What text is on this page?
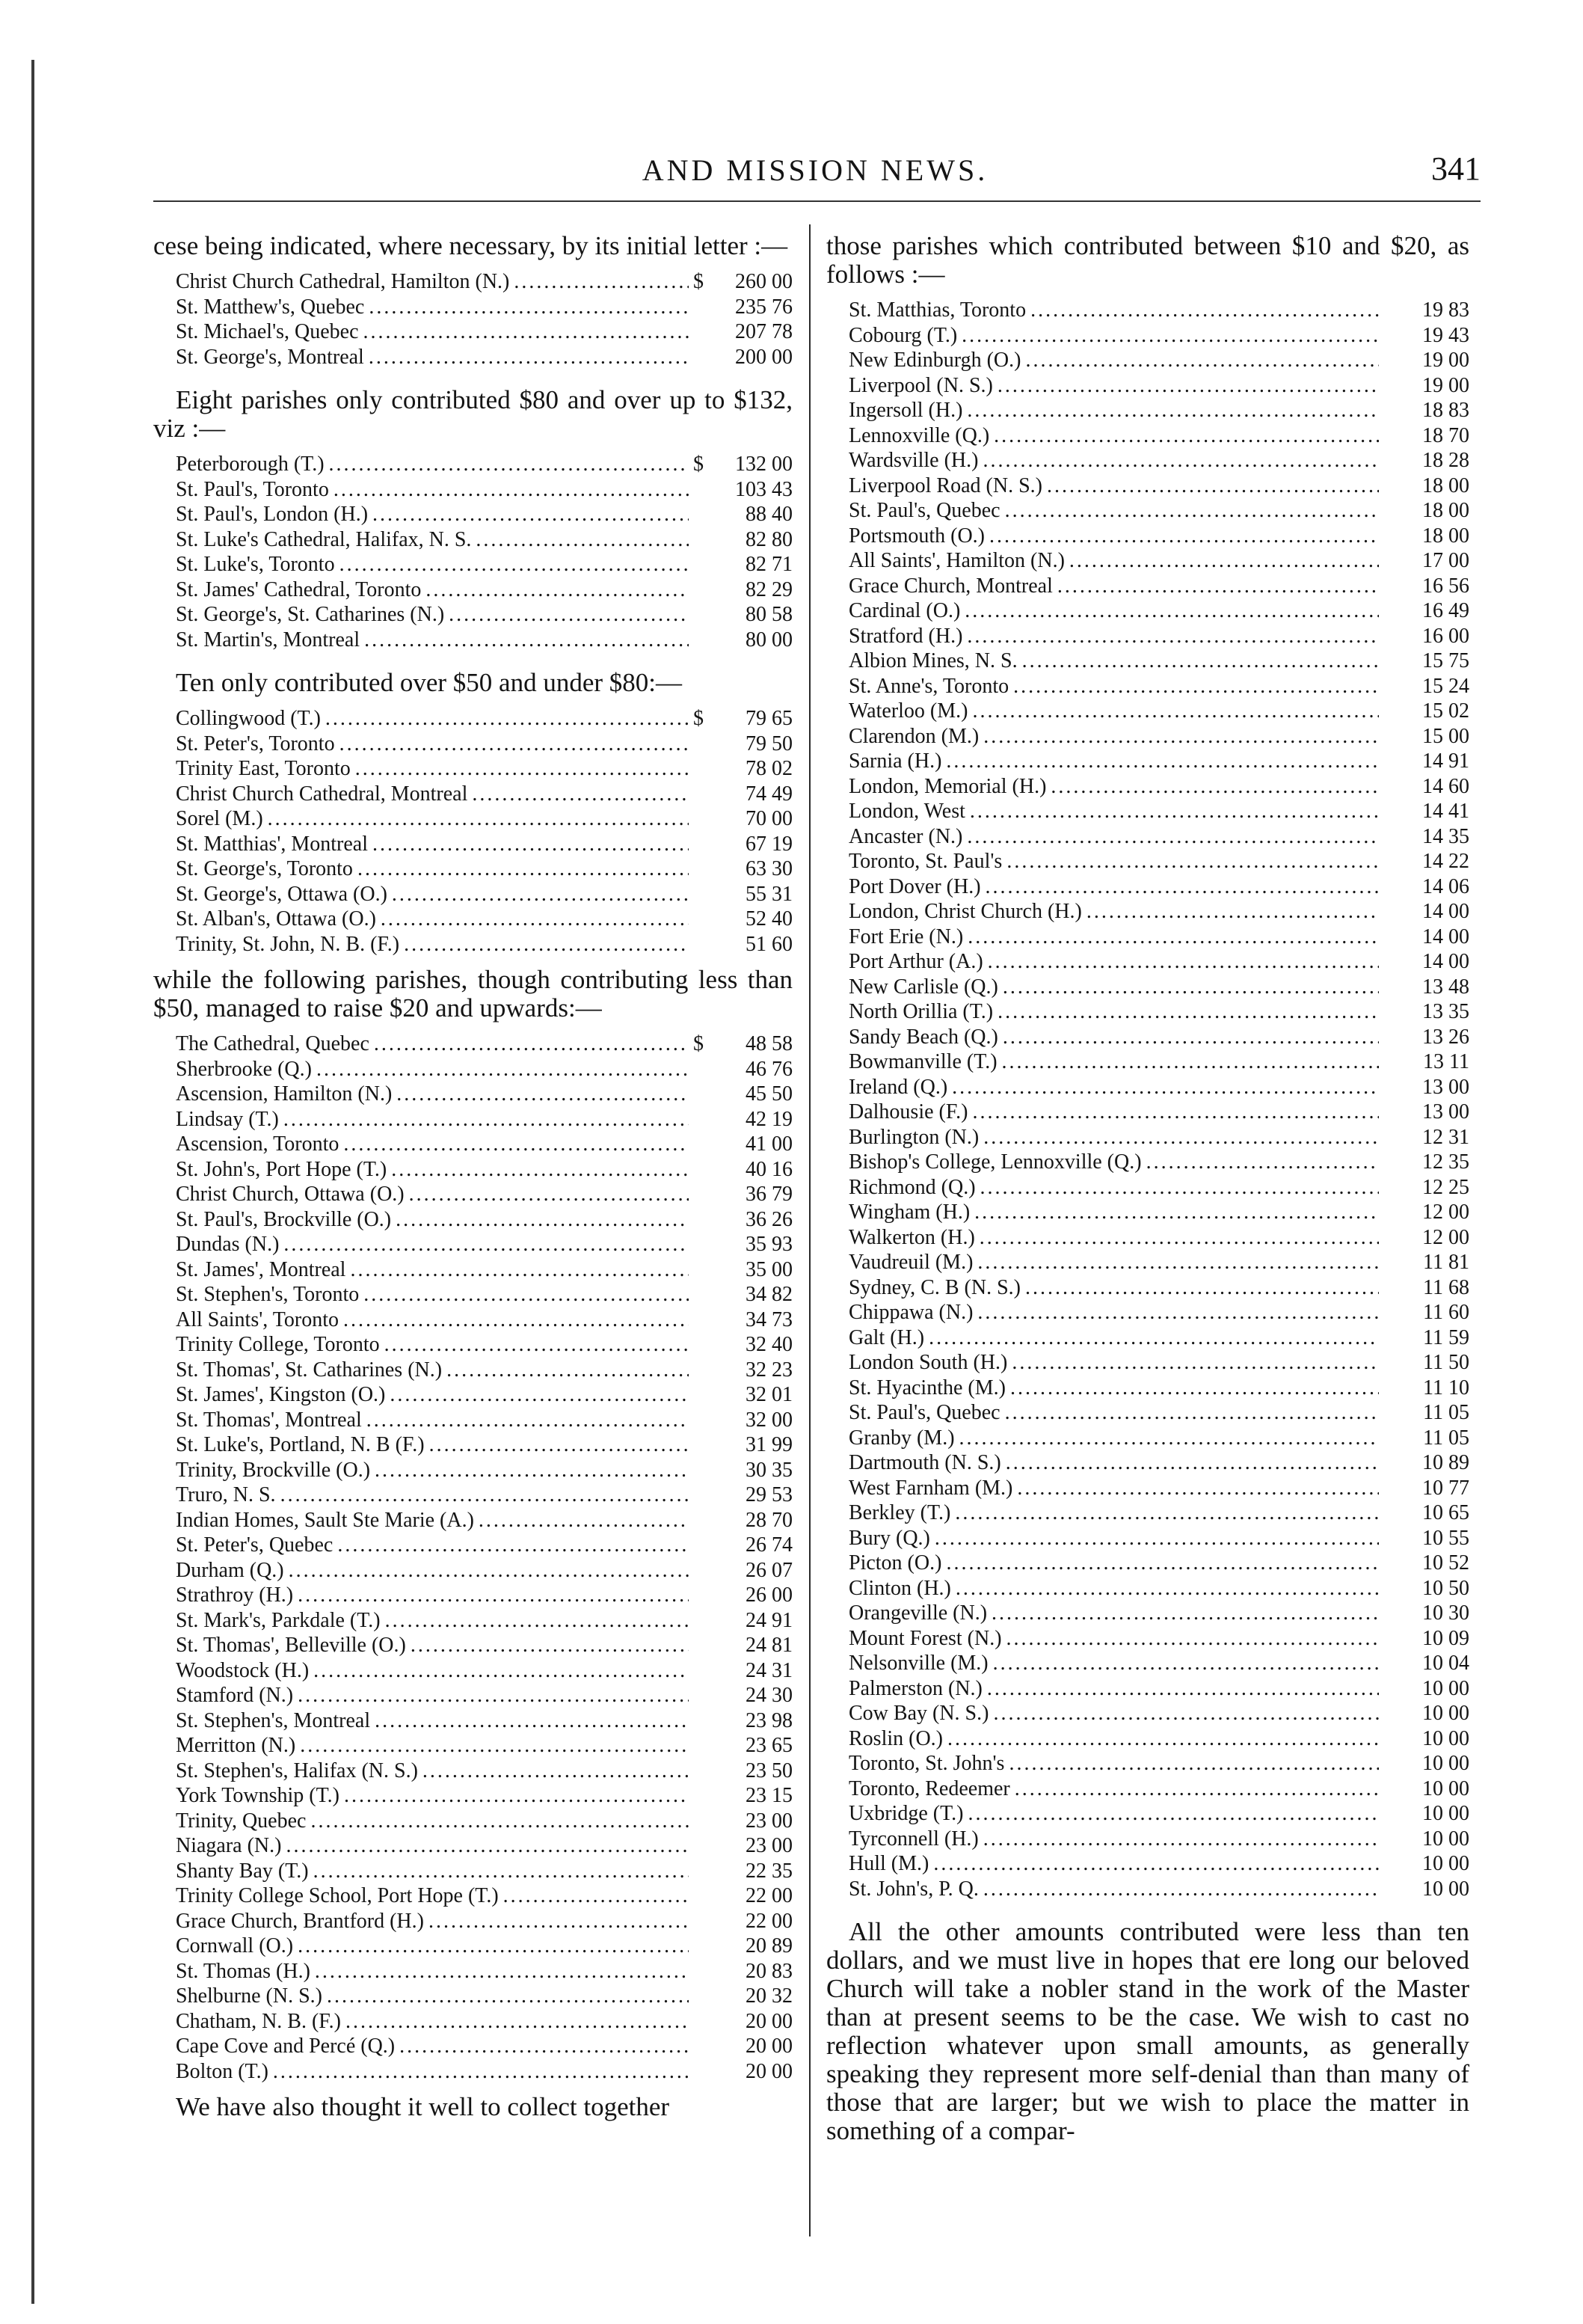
AND MISSION NEWS.	341

cese being indicated, where necessary, by its initial letter :—

Christ Church Cathedral, Hamilton (N.) .....	$	260 00
St. Matthew's, Quebec .....	235 76
St. Michael's, Quebec .....	207 78
St. George's, Montreal .....	200 00

Eight parishes only contributed $80 and over up to $132, viz :—

Peterborough (T.) .....	$	132 00
St. Paul's, Toronto .....	103 43
St. Paul's, London (H.) .....	88 40
St. Luke's Cathedral, Halifax, N. S. .....	82 80
St. Luke's, Toronto .....	82 71
St. James' Cathedral, Toronto .....	82 29
St. George's, St. Catharines (N.) .....	80 58
St. Martin's, Montreal .....	80 00

Ten only contributed over $50 and under $80:—

Collingwood (T.) .....	$	79 65
St. Peter's, Toronto .....	79 50
Trinity East, Toronto .....	78 02
Christ Church Cathedral, Montreal .....	74 49
Sorel (M.) .....	70 00
St. Matthias', Montreal .....	67 19
St. George's, Toronto .....	63 30
St. George's, Ottawa (O.) .....	55 31
St. Alban's, Ottawa (O.) .....	52 40
Trinity, St. John, N. B. (F.) .....	51 60

while the following parishes, though contributing less than $50, managed to raise $20 and upwards:—

The Cathedral, Quebec .....	$	48 58
Sherbrooke (Q.) .....	46 76
Ascension, Hamilton (N.) .....	45 50
Lindsay (T.) .....	42 19
Ascension, Toronto .....	41 00
St. John's, Port Hope (T.) .....	40 16
Christ Church, Ottawa (O.) .....	36 79
St. Paul's, Brockville (O.) .....	36 26
Dundas (N.) .....	35 93
St. James', Montreal .....	35 00
St. Stephen's, Toronto .....	34 82
All Saints', Toronto .....	34 73
Trinity College, Toronto .....	32 40
St. Thomas', St. Catharines (N.) .....	32 23
St. James', Kingston (O.) .....	32 01
St. Thomas', Montreal .....	32 00
St. Luke's, Portland, N. B (F.) .....	31 99
Trinity, Brockville (O.) .....	30 35
Truro, N. S. .....	29 53
Indian Homes, Sault Ste Marie (A.) .....	28 70
St. Peter's, Quebec .....	26 74
Durham (Q.) .....	26 07
Strathroy (H.) .....	26 00
St. Mark's, Parkdale (T.) .....	24 91
St. Thomas', Belleville (O.) .....	24 81
Woodstock (H.) .....	24 31
Stamford (N.) .....	24 30
St. Stephen's, Montreal .....	23 98
Merritton (N.) .....	23 65
St. Stephen's, Halifax (N. S.) .....	23 50
York Township (T.) .....	23 15
Trinity, Quebec .....	23 00
Niagara (N.) .....	23 00
Shanty Bay (T.) .....	22 35
Trinity College School, Port Hope (T.) .....	22 00
Grace Church, Brantford (H.) .....	22 00
Cornwall (O.) .....	20 89
St. Thomas (H.) .....	20 83
Shelburne (N. S.) .....	20 32
Chatham, N. B. (F.) .....	20 00
Cape Cove and Percé (Q.) .....	20 00
Bolton (T.) .....	20 00

We have also thought it well to collect together

those parishes which contributed between $10 and $20, as follows :—

St. Matthias, Toronto .....	19 83
Cobourg (T.) .....	19 43
New Edinburgh (O.) .....	19 00
Liverpool (N. S.) .....	19 00
Ingersoll (H.) .....	18 83
Lennoxville (Q.) .....	18 70
Wardsville (H.) .....	18 28
Liverpool Road (N. S.) .....	18 00
St. Paul's, Quebec .....	18 00
Portsmouth (O.) .....	18 00
All Saints', Hamilton (N.) .....	17 00
Grace Church, Montreal .....	16 56
Cardinal (O.) .....	16 49
Stratford (H.) .....	16 00
Albion Mines, N. S. .....	15 75
St. Anne's, Toronto .....	15 24
Waterloo (M.) .....	15 02
Clarendon (M.) .....	15 00
Sarnia (H.) .....	14 91
London, Memorial (H.) .....	14 60
London, West .....	14 41
Ancaster (N.) .....	14 35
Toronto, St. Paul's .....	14 22
Port Dover (H.) .....	14 06
London, Christ Church (H.) .....	14 00
Fort Erie (N.) .....	14 00
Port Arthur (A.) .....	14 00
New Carlisle (Q.) .....	13 48
North Orillia (T.) .....	13 35
Sandy Beach (Q.) .....	13 26
Bowmanville (T.) .....	13 11
Ireland (Q.) .....	13 00
Dalhousie (F.) .....	13 00
Burlington (N.) .....	12 31
Bishop's College, Lennoxville (Q.) .....	12 35
Richmond (Q.) .....	12 25
Wingham (H.) .....	12 00
Walkerton (H.) .....	12 00
Vaudreuil (M.) .....	11 81
Sydney, C. B (N. S.) .....	11 68
Chippawa (N.) .....	11 60
Galt (H.) .....	11 59
London South (H.) .....	11 50
St. Hyacinthe (M.) .....	11 10
St. Paul's, Quebec .....	11 05
Granby (M.) .....	11 05
Dartmouth (N. S.) .....	10 89
West Farnham (M.) .....	10 77
Berkley (T.) .....	10 65
Bury (Q.) .....	10 55
Picton (O.) .....	10 52
Clinton (H.) .....	10 50
Orangeville (N.) .....	10 30
Mount Forest (N.) .....	10 09
Nelsonville (M.) .....	10 04
Palmerston (N.) .....	10 00
Cow Bay (N. S.) .....	10 00
Roslin (O.) .....	10 00
Toronto, St. John's .....	10 00
Toronto, Redeemer .....	10 00
Uxbridge (T.) .....	10 00
Tyrconnell (H.) .....	10 00
Hull (M.) .....	10 00
St. John's, P. Q. .....	10 00

All the other amounts contributed were less than ten dollars, and we must live in hopes that ere long our beloved Church will take a nobler stand in the work of the Master than at present seems to be the case. We wish to cast no reflection whatever upon small amounts, as generally speaking they represent more self-denial than than many of those that are larger; but we wish to place the matter in something of a compar-
